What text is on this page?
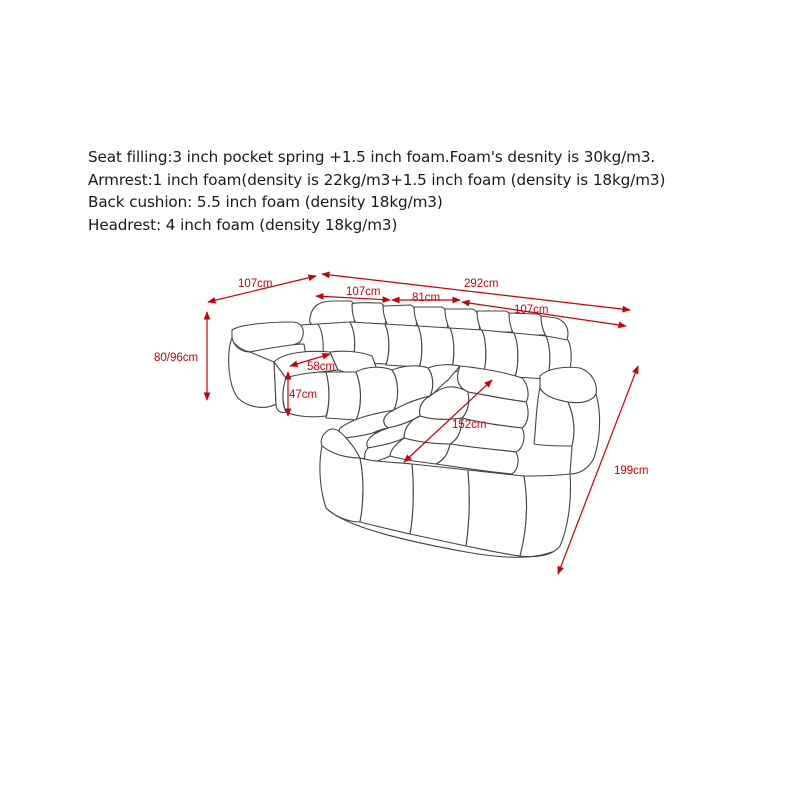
Seat filling:3 inch pocket spring +1.5 inch foam.Foam's desnity is 30kg/m3.
Armrest:1 inch foam(density is 22kg/m3+1.5 inch foam (density is 18kg/m3)
Back cushion: 5.5 inch foam (density 18kg/m3)
Headrest: 4 inch foam (density 18kg/m3)
107cm	292cm
107cm	81cm
107cm
80/96cm
58cm
47cm
152cm
199cm
